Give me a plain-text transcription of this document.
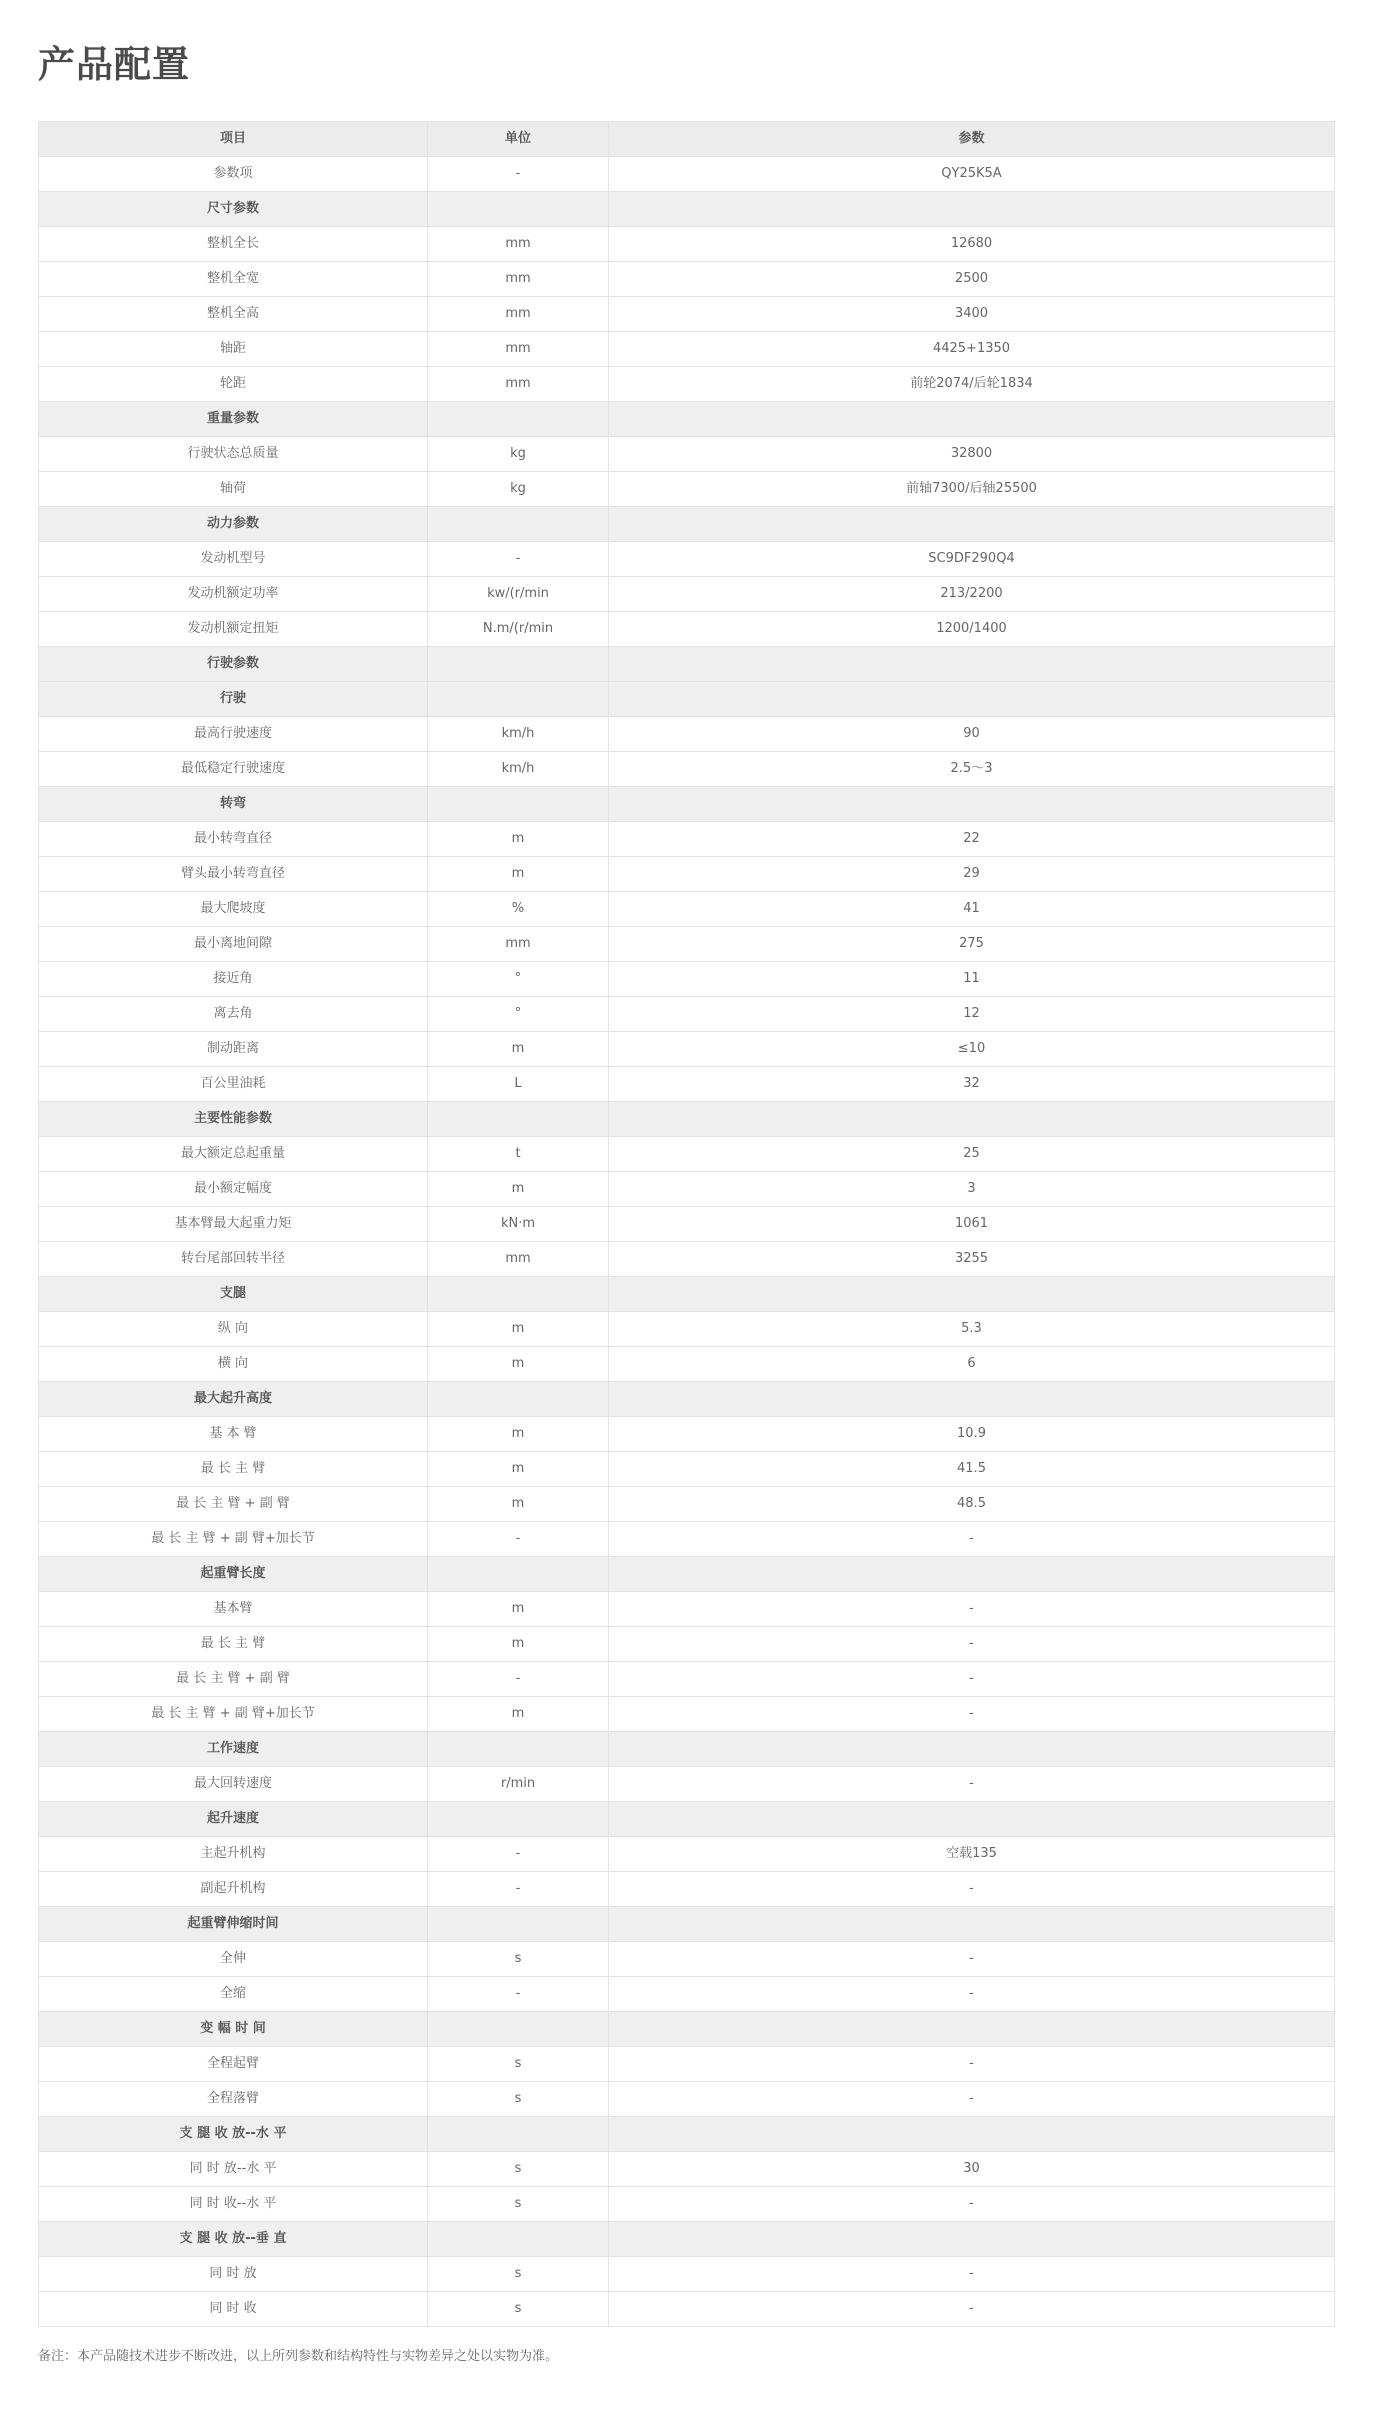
产品配置
项目	单位	参数
参数项	-	QY25K5A
尺寸参数		
整机全长	mm	12680
整机全宽	mm	2500
整机全高	mm	3400
轴距	mm	4425+1350
轮距	mm	前轮2074/后轮1834
重量参数		
行驶状态总质量	kg	32800
轴荷	kg	前轴7300/后轴25500
动力参数		
发动机型号	-	SC9DF290Q4
发动机额定功率	kw/(r/min	213/2200
发动机额定扭矩	N.m/(r/min	1200/1400
行驶参数		
行驶		
最高行驶速度	km/h	90
最低稳定行驶速度	km/h	2.5～3
转弯		
最小转弯直径	m	22
臂头最小转弯直径	m	29
最大爬坡度	%	41
最小离地间隙	mm	275
接近角	°	11
离去角	°	12
制动距离	m	≤10
百公里油耗	L	32
主要性能参数		
最大额定总起重量	t	25
最小额定幅度	m	3
基本臂最大起重力矩	kN·m	1061
转台尾部回转半径	mm	3255
支腿		
纵 向	m	5.3
横 向	m	6
最大起升高度		
基 本 臂	m	10.9
最 长 主 臂	m	41.5
最 长 主 臂 + 副 臂	m	48.5
最 长 主 臂 + 副 臂+加长节	-	-
起重臂长度		
基本臂	m	-
最 长 主 臂	m	-
最 长 主 臂 + 副 臂	-	-
最 长 主 臂 + 副 臂+加长节	m	-
工作速度		
最大回转速度	r/min	-
起升速度		
主起升机构	-	空载135
副起升机构	-	-
起重臂伸缩时间		
全伸	s	-
全缩	-	-
变 幅 时 间		
全程起臂	s	-
全程落臂	s	-
支 腿 收 放--水 平		
同 时 放--水 平	s	30
同 时 收--水 平	s	-
支 腿 收 放--垂 直		
同 时 放	s	-
同 时 收	s	-
备注：本产品随技术进步不断改进，以上所列参数和结构特性与实物差异之处以实物为准。
